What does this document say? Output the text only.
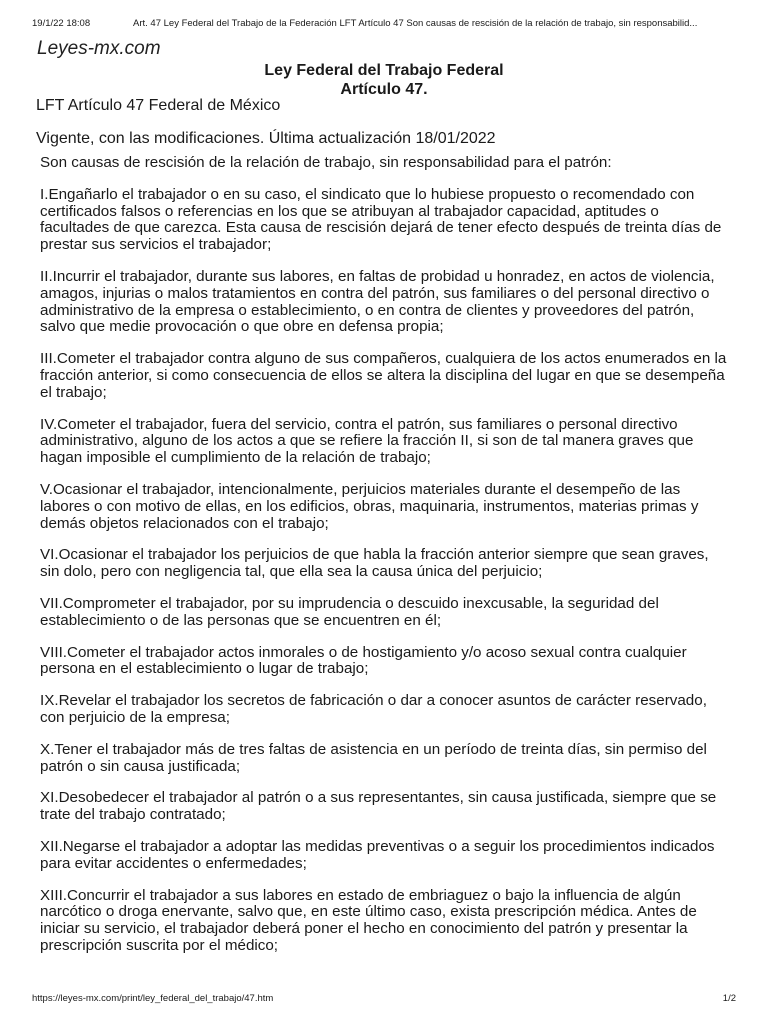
19/1/22 18:08	Art. 47 Ley Federal del Trabajo de la Federación LFT Artículo 47 Son causas de rescisión de la relación de trabajo, sin responsabilid...
Leyes-mx.com
Ley Federal del Trabajo Federal
Artículo 47.
LFT Artículo 47 Federal de México
Vigente, con las modificaciones. Última actualización 18/01/2022

Son causas de rescisión de la relación de trabajo, sin responsabilidad para el patrón:

I.Engañarlo el trabajador o en su caso, el sindicato que lo hubiese propuesto o recomendado con certificados falsos o referencias en los que se atribuyan al trabajador capacidad, aptitudes o facultades de que carezca. Esta causa de rescisión dejará de tener efecto después de treinta días de prestar sus servicios el trabajador;

II.Incurrir el trabajador, durante sus labores, en faltas de probidad u honradez, en actos de violencia, amagos, injurias o malos tratamientos en contra del patrón, sus familiares o del personal directivo o administrativo de la empresa o establecimiento, o en contra de clientes y proveedores del patrón, salvo que medie provocación o que obre en defensa propia;

III.Cometer el trabajador contra alguno de sus compañeros, cualquiera de los actos enumerados en la fracción anterior, si como consecuencia de ellos se altera la disciplina del lugar en que se desempeña el trabajo;

IV.Cometer el trabajador, fuera del servicio, contra el patrón, sus familiares o personal directivo administrativo, alguno de los actos a que se refiere la fracción II, si son de tal manera graves que hagan imposible el cumplimiento de la relación de trabajo;

V.Ocasionar el trabajador, intencionalmente, perjuicios materiales durante el desempeño de las labores o con motivo de ellas, en los edificios, obras, maquinaria, instrumentos, materias primas y demás objetos relacionados con el trabajo;

VI.Ocasionar el trabajador los perjuicios de que habla la fracción anterior siempre que sean graves, sin dolo, pero con negligencia tal, que ella sea la causa única del perjuicio;

VII.Comprometer el trabajador, por su imprudencia o descuido inexcusable, la seguridad del establecimiento o de las personas que se encuentren en él;

VIII.Cometer el trabajador actos inmorales o de hostigamiento y/o acoso sexual contra cualquier persona en el establecimiento o lugar de trabajo;

IX.Revelar el trabajador los secretos de fabricación o dar a conocer asuntos de carácter reservado, con perjuicio de la empresa;

X.Tener el trabajador más de tres faltas de asistencia en un período de treinta días, sin permiso del patrón o sin causa justificada;

XI.Desobedecer el trabajador al patrón o a sus representantes, sin causa justificada, siempre que se trate del trabajo contratado;

XII.Negarse el trabajador a adoptar las medidas preventivas o a seguir los procedimientos indicados para evitar accidentes o enfermedades;

XIII.Concurrir el trabajador a sus labores en estado de embriaguez o bajo la influencia de algún narcótico o droga enervante, salvo que, en este último caso, exista prescripción médica. Antes de iniciar su servicio, el trabajador deberá poner el hecho en conocimiento del patrón y presentar la prescripción suscrita por el médico;

https://leyes-mx.com/print/ley_federal_del_trabajo/47.htm	1/2
